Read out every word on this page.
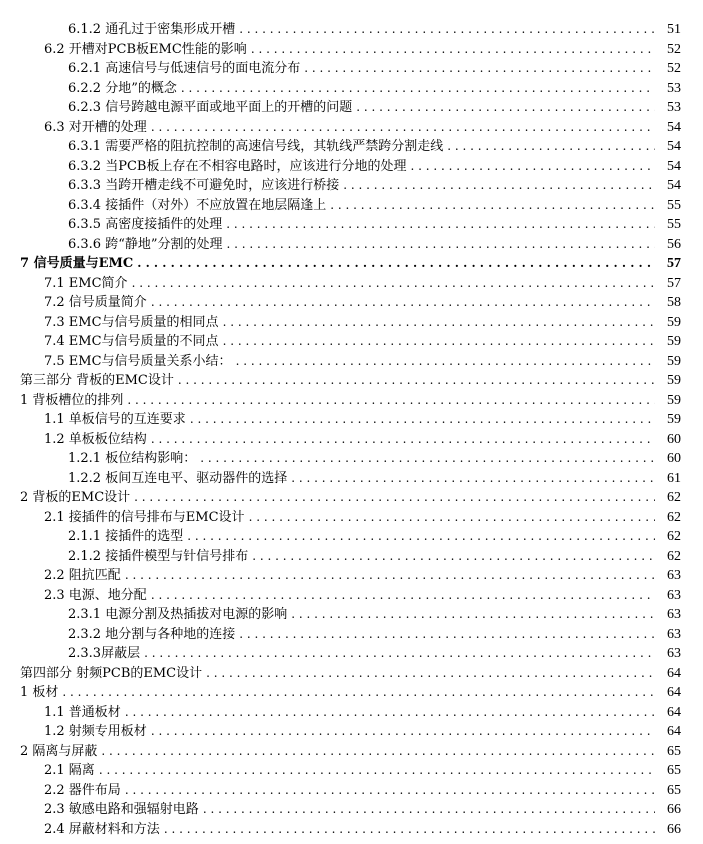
6.1.2 通孔过于密集形成开槽 . . .	51
6.2 开槽对PCB板EMC性能的影响 . . .	52
6.2.1 高速信号与低速信号的面电流分布 . . .	52
6.2.2 分地”的概念 . . .	53
6.2.3 信号跨越电源平面或地平面上的开槽的问题 . . .	53
6.3 对开槽的处理 . . .	54
6.3.1 需要严格的阻抗控制的高速信号线，其轨线严禁跨分割走线 . . .	54
6.3.2 当PCB板上存在不相容电路时，应该进行分地的处理 . . .	54
6.3.3 当跨开槽走线不可避免时，应该进行桥接 . . .	54
6.3.4 接插件（对外）不应放置在地层隔逢上 . . .	55
6.3.5 高密度接插件的处理 . . .	55
6.3.6 跨“静地”分割的处理 . . .	56
7 信号质量与EMC . . .	57
7.1 EMC简介 . . .	57
7.2 信号质量简介 . . .	58
7.3 EMC与信号质量的相同点 . . .	59
7.4 EMC与信号质量的不同点 . . .	59
7.5 EMC与信号质量关系小结： . . .	59
第三部分 背板的EMC设计 . . .	59
1 背板槽位的排列 . . .	59
1.1 单板信号的互连要求 . . .	59
1.2 单板板位结构 . . .	60
1.2.1 板位结构影响： . . .	60
1.2.2 板间互连电平、驱动器件的选择 . . .	61
2 背板的EMC设计 . . .	62
2.1 接插件的信号排布与EMC设计 . . .	62
2.1.1 接插件的选型 . . .	62
2.1.2 接插件模型与针信号排布 . . .	62
2.2 阻抗匹配 . . .	63
2.3 电源、地分配 . . .	63
2.3.1 电源分割及热插拔对电源的影响 . . .	63
2.3.2 地分割与各种地的连接 . . .	63
2.3.3屏蔽层 . . .	63
第四部分 射频PCB的EMC设计 . . .	64
1 板材 . . .	64
1.1 普通板材 . . .	64
1.2 射频专用板材 . . .	64
2 隔离与屏蔽 . . .	65
2.1 隔离 . . .	65
2.2 器件布局 . . .	65
2.3 敏感电路和强辐射电路 . . .	66
2.4 屏蔽材料和方法 . . .	66
